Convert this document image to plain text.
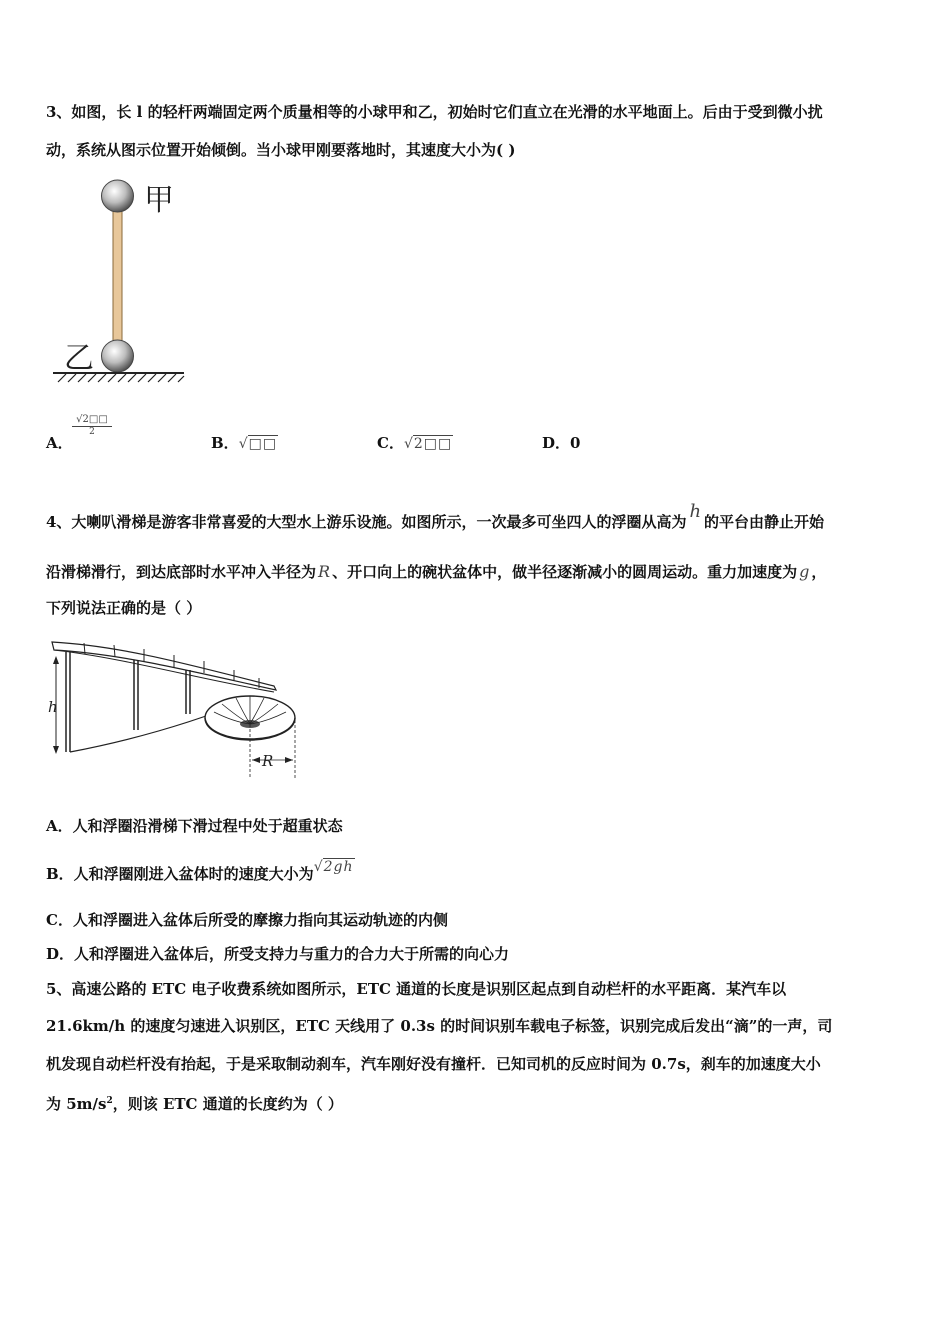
3、如图，长 l 的轻杆两端固定两个质量相等的小球甲和乙，初始时它们直立在光滑的水平地面上。后由于受到微小扰
动，系统从图示位置开始倾倒。当小球甲刚要落地时，其速度大小为( )
甲
乙
A．
$\frac{√2□□}{2}$
B．√□□	C．√2□□	D．0
4、大喇叭滑梯是游客非常喜爱的大型水上游乐设施。如图所示，一次最多可坐四人的浮圈从高为 h 的平台由静止开始
沿滑梯滑行，到达底部时水平冲入半径为 R 、开口向上的碗状盆体中，做半径逐渐减小的圆周运动。重力加速度为 g ，
下列说法正确的是（ ）
h
R
A．人和浮圈沿滑梯下滑过程中处于超重状态
B．人和浮圈刚进入盆体时的速度大小为√2gh
C．人和浮圈进入盆体后所受的摩擦力指向其运动轨迹的内侧
D．人和浮圈进入盆体后，所受支持力与重力的合力大于所需的向心力
5、高速公路的 ETC 电子收费系统如图所示，ETC 通道的长度是识别区起点到自动栏杆的水平距离．某汽车以
21.6km/h 的速度匀速进入识别区，ETC 天线用了 0.3s 的时间识别车载电子标签，识别完成后发出“滴”的一声，司
机发现自动栏杆没有抬起，于是采取制动刹车，汽车刚好没有撞杆．已知司机的反应时间为 0.7s，刹车的加速度大小
为 $5m/s^2$，则该 ETC 通道的长度约为（ ）
